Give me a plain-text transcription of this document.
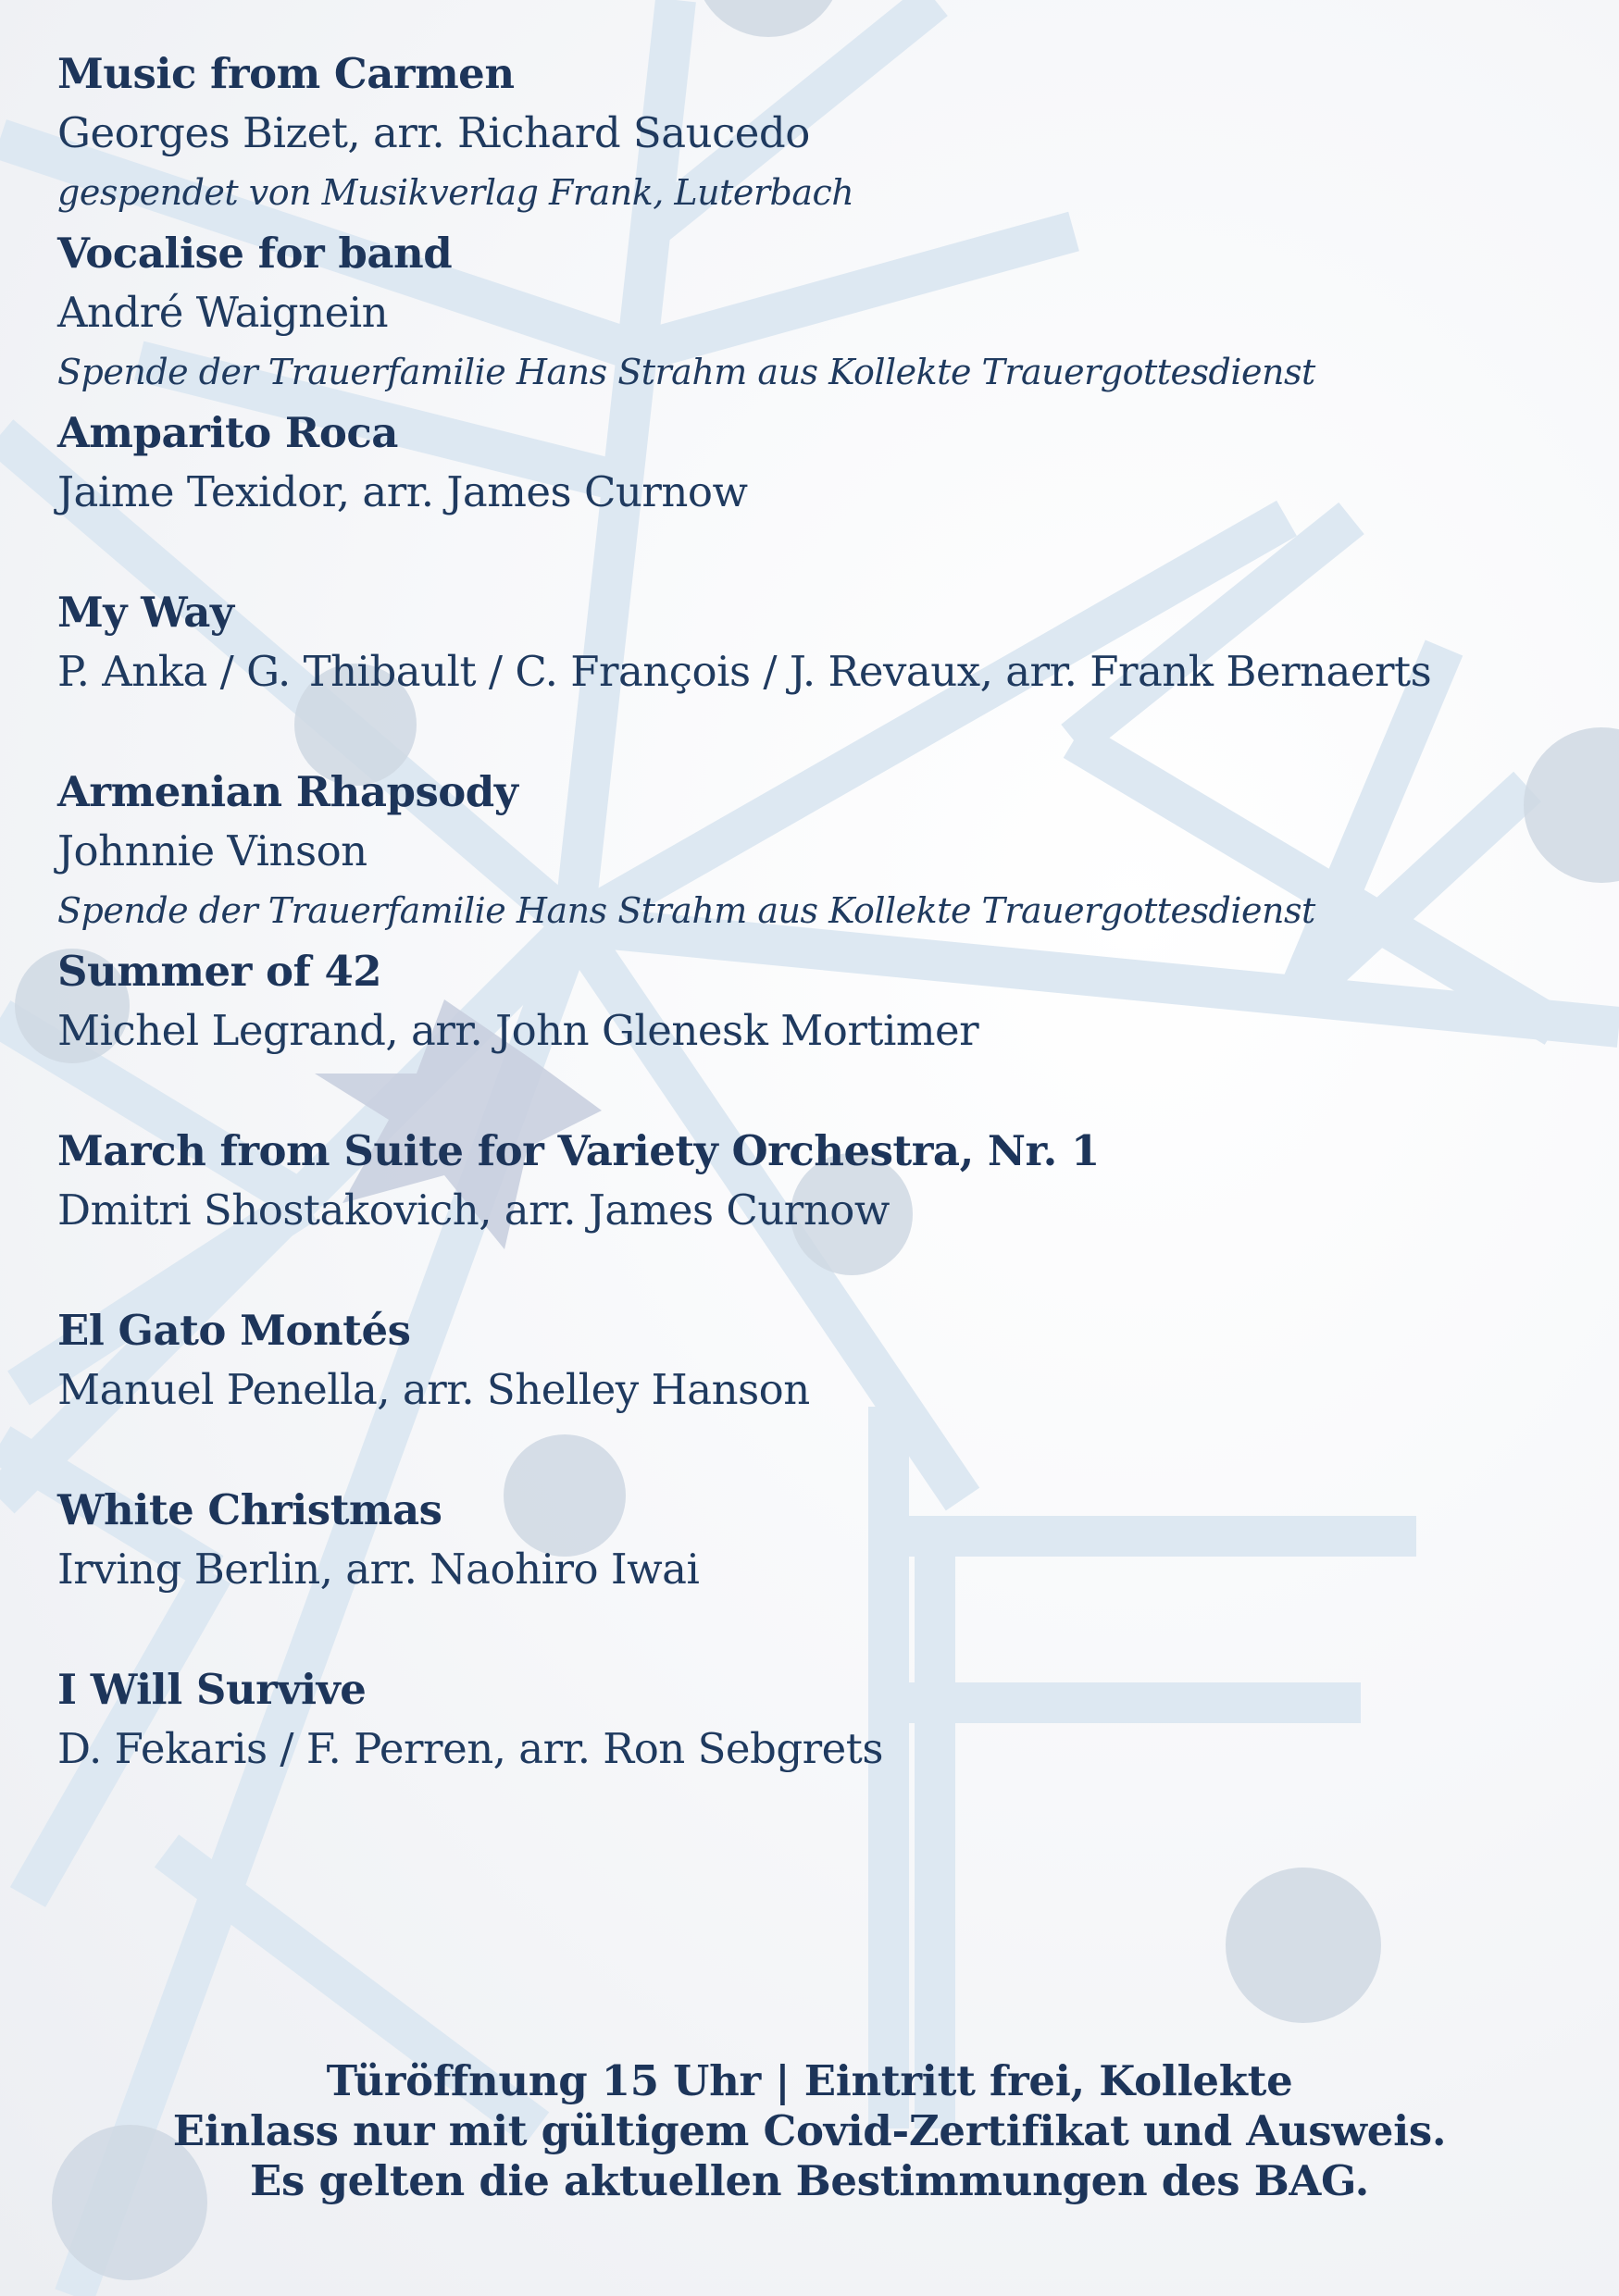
Music from Carmen
Georges Bizet, arr. Richard Saucedo
gespendet von Musikverlag Frank, Luterbach
Vocalise for band
André Waignein
Spende der Trauerfamilie Hans Strahm aus Kollekte Trauergottesdienst
Amparito Roca
Jaime Texidor, arr. James Curnow
My Way
P. Anka / G. Thibault / C. François / J. Revaux, arr. Frank Bernaerts
Armenian Rhapsody
Johnnie Vinson
Spende der Trauerfamilie Hans Strahm aus Kollekte Trauergottesdienst
Summer of 42
Michel Legrand, arr. John Glenesk Mortimer
March from Suite for Variety Orchestra, Nr. 1
Dmitri Shostakovich, arr. James Curnow
El Gato Montés
Manuel Penella, arr. Shelley Hanson
White Christmas
Irving Berlin, arr. Naohiro Iwai
I Will Survive
D. Fekaris / F. Perren, arr. Ron Sebgrets
Türöffnung 15 Uhr | Eintritt frei, Kollekte
Einlass nur mit gültigem Covid-Zertifikat und Ausweis.
Es gelten die aktuellen Bestimmungen des BAG.
